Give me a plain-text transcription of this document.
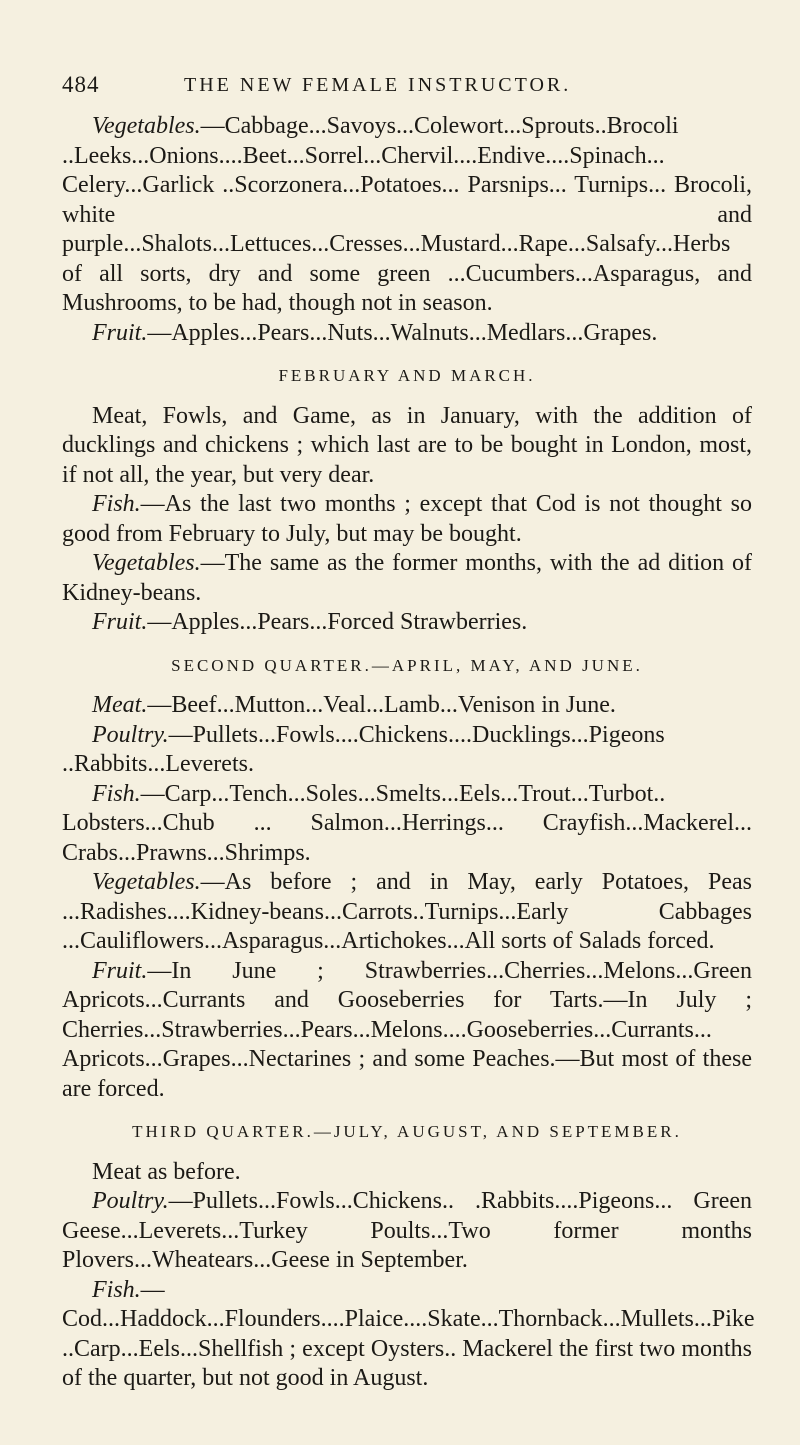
484	THE NEW FEMALE INSTRUCTOR.

Vegetables.—Cabbage...Savoys...Colewort...Sprouts..Brocoli ..Leeks...Onions....Beet...Sorrel...Chervil....Endive....Spinach... Celery...Garlick ..Scorzonera...Potatoes... Parsnips... Turnips... Brocoli, white and purple...Shalots...Lettuces...Cresses...Mustard...Rape...Salsafy...Herbs of all sorts, dry and some green ...Cucumbers...Asparagus, and Mushrooms, to be had, though not in season.

Fruit.—Apples...Pears...Nuts...Walnuts...Medlars...Grapes.

FEBRUARY AND MARCH.

Meat, Fowls, and Game, as in January, with the addition of ducklings and chickens ; which last are to be bought in London, most, if not all, the year, but very dear.

Fish.—As the last two months ; except that Cod is not thought so good from February to July, but may be bought.

Vegetables.—The same as the former months, with the ad dition of Kidney-beans.

Fruit.—Apples...Pears...Forced Strawberries.

SECOND QUARTER.—APRIL, MAY, AND JUNE.

Meat.—Beef...Mutton...Veal...Lamb...Venison in June.

Poultry.—Pullets...Fowls....Chickens....Ducklings...Pigeons ..Rabbits...Leverets.

Fish.—Carp...Tench...Soles...Smelts...Eels...Trout...Turbot.. Lobsters...Chub ... Salmon...Herrings... Crayfish...Mackerel... Crabs...Prawns...Shrimps.

Vegetables.—As before ; and in May, early Potatoes, Peas ...Radishes....Kidney-beans...Carrots..Turnips...Early Cabbages ...Cauliflowers...Asparagus...Artichokes...All sorts of Salads forced.

Fruit.—In June ; Strawberries...Cherries...Melons...Green Apricots...Currants and Gooseberries for Tarts.—In July ; Cherries...Strawberries...Pears...Melons....Gooseberries...Currants... Apricots...Grapes...Nectarines ; and some Peaches.—But most of these are forced.

THIRD QUARTER.—JULY, AUGUST, AND SEPTEMBER.

Meat as before.

Poultry.—Pullets...Fowls...Chickens.. .Rabbits....Pigeons... Green Geese...Leverets...Turkey Poults...Two former months Plovers...Wheatears...Geese in September.

Fish.—Cod...Haddock...Flounders....Plaice....Skate...Thornback...Mullets...Pike ..Carp...Eels...Shellfish ; except Oysters.. Mackerel the first two months of the quarter, but not good in August.
